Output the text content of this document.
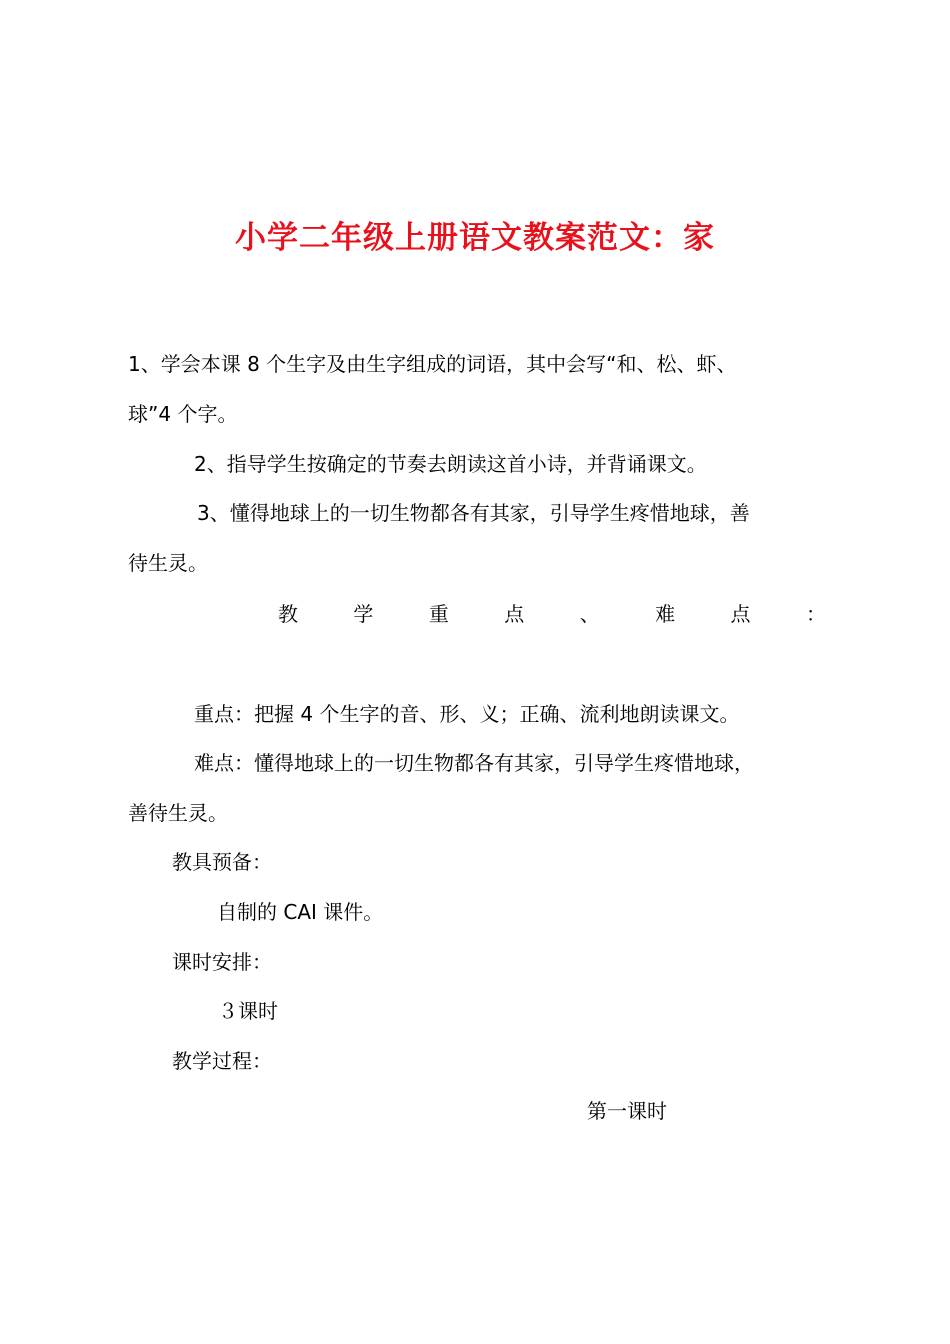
小学二年级上册语文教案范文：家
1、学会本课 8 个生字及由生字组成的词语，其中会写“和、松、虾、
球”4 个字。
2、指导学生按确定的节奏去朗读这首小诗，并背诵课文。
3、懂得地球上的一切生物都各有其家，引导学生疼惜地球，善
待生灵。
教	学	重	点	、	难	点	：
重点：把握 4 个生字的音、形、义；正确、流利地朗读课文。
难点：懂得地球上的一切生物都各有其家，引导学生疼惜地球，
善待生灵。
教具预备：
自制的 CAI 课件。
课时安排：
３课时
教学过程：
第一课时
